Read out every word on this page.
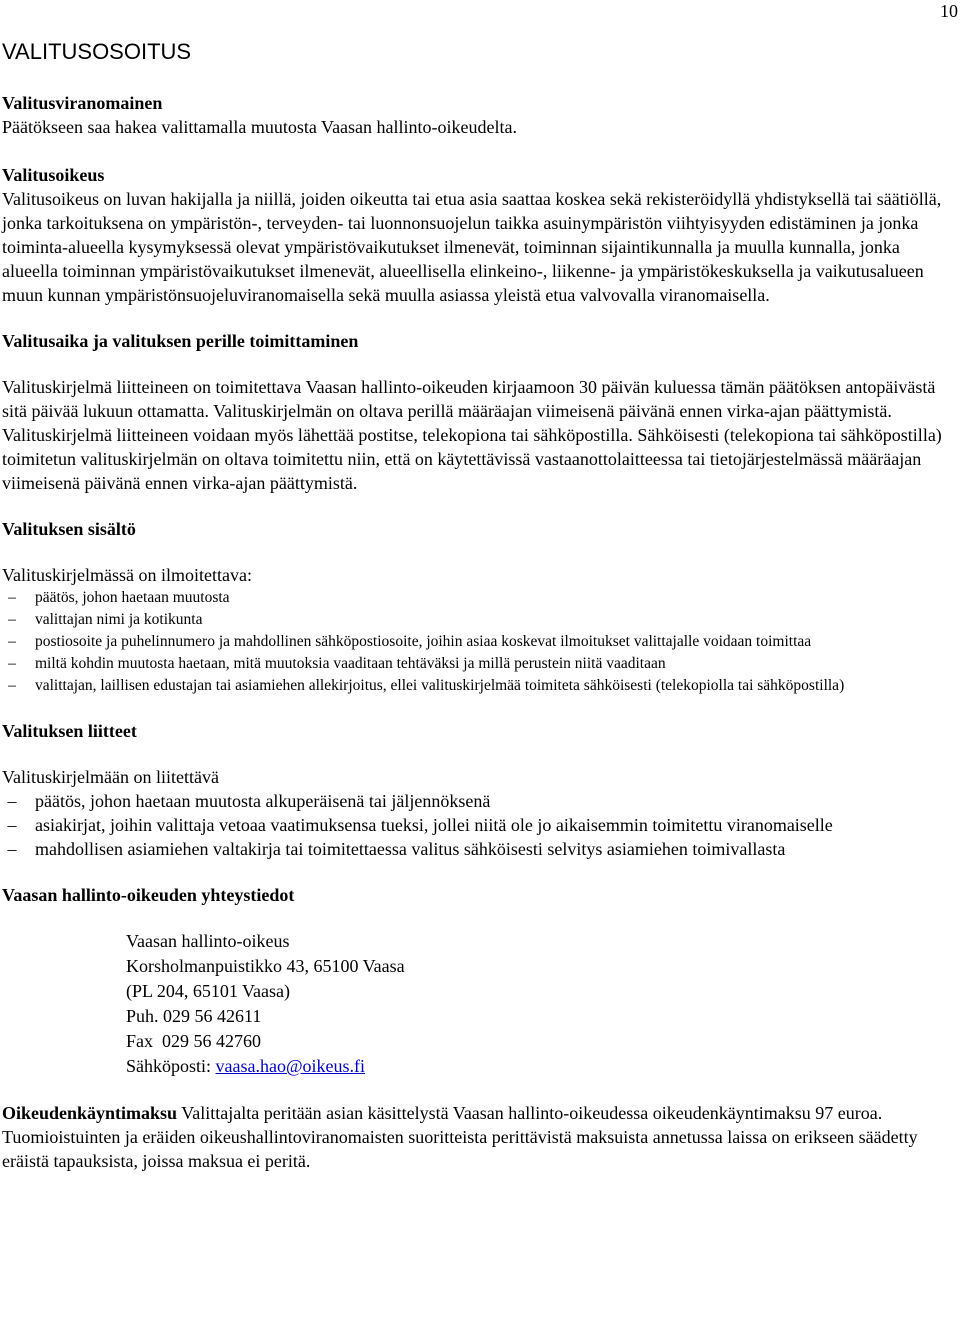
10
VALITUSOSOITUS

Valitusviranomainen

Päätökseen saa hakea valittamalla muutosta Vaasan hallinto-oikeudelta.

Valitusoikeus

Valitusoikeus on luvan hakijalla ja niillä, joiden oikeutta tai etua asia saattaa koskea sekä rekisteröidyllä yhdistyksellä tai säätiöllä, jonka tarkoituksena on ympäristön-, terveyden- tai luonnonsuojelun taikka asuinympäristön viihtyisyyden edistäminen ja jonka toiminta-alueella kysymyksessä olevat ympäristövaikutukset ilmenevät, toiminnan sijaintikunnalla ja muulla kunnalla, jonka alueella toiminnan ympäristövaikutukset ilmenevät, alueellisella elinkeino-, liikenne- ja ympäristökeskuksella ja vaikutusalueen muun kunnan ympäristönsuojeluviranomaisella sekä muulla asiassa yleistä etua valvovalla viranomaisella.

Valitusaika ja valituksen perille toimittaminen

Valituskirjelmä liitteineen on toimitettava Vaasan hallinto-oikeuden kirjaamoon 30 päivän kuluessa tämän päätöksen antopäivästä sitä päivää lukuun ottamatta. Valituskirjelmän on oltava perillä määräajan viimeisenä päivänä ennen virka-ajan päättymistä. Valituskirjelmä liitteineen voidaan myös lähettää postitse, telekopiona tai sähköpostilla. Sähköisesti (telekopiona tai sähköpostilla) toimitetun valituskirjelmän on oltava toimitettu niin, että on käytettävissä vastaanottolaitteessa tai tietojärjestelmässä määräajan viimeisenä päivänä ennen virka-ajan päättymistä.

Valituksen sisältö

Valituskirjelmässä on ilmoitettava:

–	päätös, johon haetaan muutosta
–	valittajan nimi ja kotikunta
–	postiosoite ja puhelinnumero ja mahdollinen sähköpostiosoite, joihin asiaa koskevat ilmoitukset valittajalle voidaan toimittaa
–	miltä kohdin muutosta haetaan, mitä muutoksia vaaditaan tehtäväksi ja millä perustein niitä vaaditaan
–	valittajan, laillisen edustajan tai asiamiehen allekirjoitus, ellei valituskirjelmää toimiteta sähköisesti (telekopiolla tai sähköpostilla)

Valituksen liitteet

Valituskirjelmään on liitettävä

–	päätös, johon haetaan muutosta alkuperäisenä tai jäljennöksenä
–	asiakirjat, joihin valittaja vetoaa vaatimuksensa tueksi, jollei niitä ole jo aikaisemmin toimitettu viranomaiselle
–	mahdollisen asiamiehen valtakirja tai toimitettaessa valitus sähköisesti selvitys asiamiehen toimivallasta

Vaasan hallinto-oikeuden yhteystiedot

Vaasan hallinto-oikeus

Korsholmanpuistikko 43, 65100 Vaasa

(PL 204, 65101 Vaasa)

Puh. 029 56 42611

Fax  029 56 42760

Sähköposti: vaasa.hao@oikeus.fi

Oikeudenkäyntimaksu Valittajalta peritään asian käsittelystä Vaasan hallinto-oikeudessa oikeudenkäyntimaksu 97 euroa. Tuomioistuinten ja eräiden oikeushallintoviranomaisten suoritteista perittävistä maksuista annetussa laissa on erikseen säädetty eräistä tapauksista, joissa maksua ei peritä.
